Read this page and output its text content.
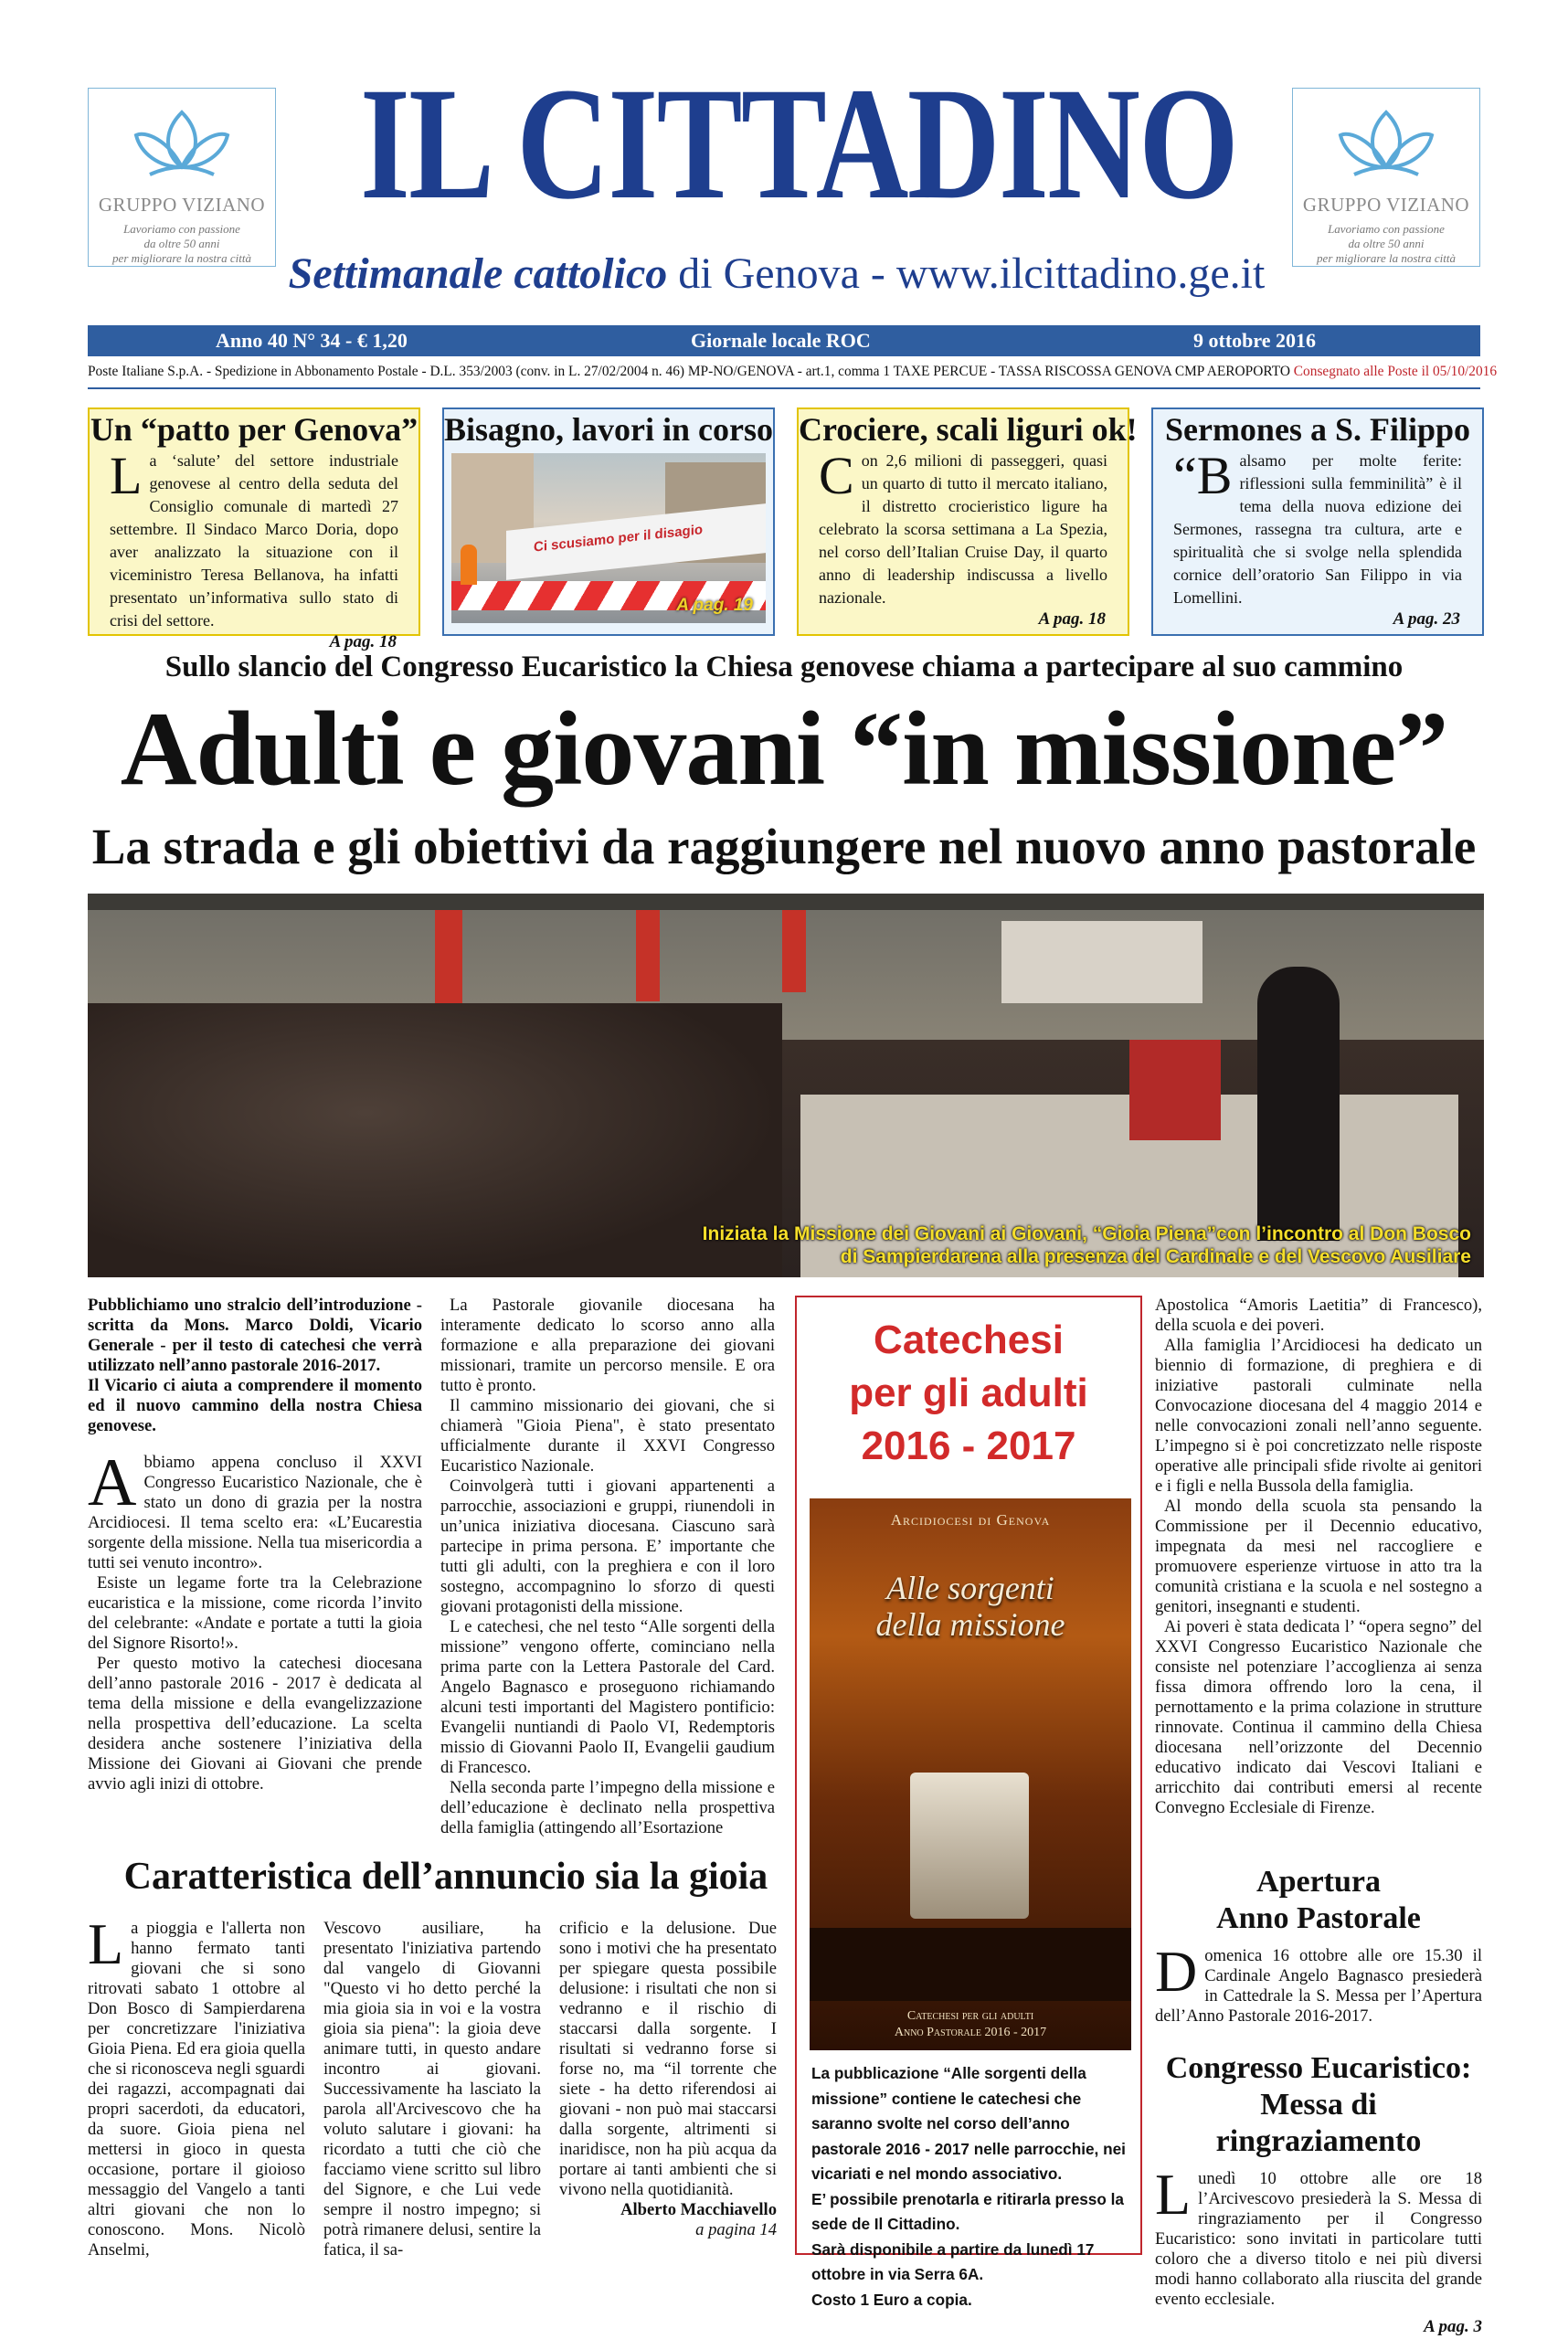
GRUPPO VIZIANO
Lavoriamo con passione
da oltre 50 anni
per migliorare la nostra città
IL CITTADINO
Settimanale cattolico di Genova - www.ilcittadino.ge.it
GRUPPO VIZIANO
Lavoriamo con passione
da oltre 50 anni
per migliorare la nostra città
Anno 40 N° 34 - € 1,20	Giornale locale ROC	9 ottobre 2016
Poste Italiane S.p.A. - Spedizione in Abbonamento Postale - D.L. 353/2003 (conv. in L. 27/02/2004 n. 46) MP-NO/GENOVA - art.1, comma 1 TAXE PERCUE - TASSA RISCOSSA GENOVA CMP AEROPORTO Consegnato alle Poste il 05/10/2016
Un “patto per Genova”
La ‘salute’ del settore industriale genovese al centro della seduta del Consiglio comunale di martedì 27 settembre. Il Sindaco Marco Doria, dopo aver analizzato la situazione con il viceministro Teresa Bellanova, ha infatti presentato un’informativa sullo stato di crisi del settore.
A pag. 18
Bisagno, lavori in corso
Ci scusiamo per il disagio
A pag. 19
Crociere, scali liguri ok!
Con 2,6 milioni di passeggeri, quasi un quarto di tutto il mercato italiano, il distretto crocieristico ligure ha celebrato la scorsa settimana a La Spezia, nel corso dell’Italian Cruise Day, il quarto anno di leadership indiscussa a livello nazionale.
A pag. 18
Sermones a S. Filippo
“Balsamo per molte ferite: riflessioni sulla femminilità” è il tema della nuova edizione dei Sermones, rassegna tra cultura, arte e spiritualità che si svolge nella splendida cornice dell’oratorio San Filippo in via Lomellini.
A pag. 23
Sullo slancio del Congresso Eucaristico la Chiesa genovese chiama a partecipare al suo cammino
Adulti e giovani “in missione”
La strada e gli obiettivi da raggiungere nel nuovo anno pastorale
Iniziata la Missione dei Giovani ai Giovani, “Gioia Piena”con l’incontro al Don Bosco
di Sampierdarena alla presenza del Cardinale e del Vescovo Ausiliare

Pubblichiamo uno stralcio dell’introduzione - scritta da Mons. Marco Doldi, Vicario Generale - per il testo di catechesi che verrà utilizzato nell’anno pastorale 2016-2017.

Il Vicario ci aiuta a comprendere il momento ed il nuovo cammino della nostra Chiesa genovese.

Abbiamo appena concluso il XXVI Congresso Eucaristico Nazionale, che è stato un dono di grazia per la nostra Arcidiocesi. Il tema scelto era: «L’Eucarestia sorgente della missione. Nella tua misericordia a tutti sei venuto incontro».

Esiste un legame forte tra la Celebrazione eucaristica e la missione, come ricorda l’invito del celebrante: «Andate e portate a tutti la gioia del Signore Risorto!».

Per questo motivo la catechesi diocesana dell’anno pastorale 2016 - 2017 è dedicata al tema della missione e della evangelizzazione nella prospettiva dell’educazione. La scelta desidera anche sostenere l’iniziativa della Missione dei Giovani ai Giovani che prende avvio agli inizi di ottobre.

La Pastorale giovanile diocesana ha interamente dedicato lo scorso anno alla formazione e alla preparazione dei giovani missionari, tramite un percorso mensile. E ora tutto è pronto.

Il cammino missionario dei giovani, che si chiamerà "Gioia Piena", è stato presentato ufficialmente durante il XXVI Congresso Eucaristico Nazionale.

Coinvolgerà tutti i giovani appartenenti a parrocchie, associazioni e gruppi, riunendoli in un’unica iniziativa diocesana. Ciascuno sarà partecipe in prima persona. E’ importante che tutti gli adulti, con la preghiera e con il loro sostegno, accompagnino lo sforzo di questi giovani protagonisti della missione.

L e catechesi, che nel testo “Alle sorgenti della missione” vengono offerte, cominciano nella prima parte con la Lettera Pastorale del Card. Angelo Bagnasco e proseguono richiamando alcuni testi importanti del Magistero pontificio: Evangelii nuntiandi di Paolo VI, Redemptoris missio di Giovanni Paolo II, Evangelii gaudium di Francesco.

Nella seconda parte l’impegno della missione e dell’educazione è declinato nella prospettiva della famiglia (attingendo all’Esortazione

Catechesi
per gli adulti
2016 - 2017
Arcidiocesi di Genova
Alle sorgenti
della missione
Catechesi per gli adulti
Anno Pastorale 2016 - 2017
La pubblicazione “Alle sorgenti della missione” contiene le catechesi che saranno svolte nel corso dell’anno pastorale 2016 - 2017 nelle parrocchie, nei vicariati e nel mondo associativo.
E’ possibile prenotarla e ritirarla presso la sede de Il Cittadino.
Sarà disponibile a partire da lunedì 17 ottobre in via Serra 6A.
Costo 1 Euro a copia.

Apostolica “Amoris Laetitia” di Francesco), della scuola e dei poveri.

Alla famiglia l’Arcidiocesi ha dedicato un biennio di formazione, di preghiera e di iniziative pastorali culminate nella Convocazione diocesana del 4 maggio 2014 e nelle convocazioni zonali nell’anno seguente. L’impegno si è poi concretizzato nelle risposte operative alle principali sfide rivolte ai genitori e i figli e nella Bussola della famiglia.

Al mondo della scuola sta pensando la Commissione per il Decennio educativo, impegnata da mesi nel raccogliere e promuovere esperienze virtuose in atto tra la comunità cristiana e la scuola e nel sostegno a genitori, insegnanti e studenti.

Ai poveri è stata dedicata l’ “opera segno” del XXVI Congresso Eucaristico Nazionale che consiste nel potenziare l’accoglienza ai senza fissa dimora offrendo loro la cena, il pernottamento e la prima colazione in strutture rinnovate. Continua il cammino della Chiesa diocesana nell’orizzonte del Decennio educativo indicato dai Vescovi Italiani e arricchito dai contributi emersi al recente Convegno Ecclesiale di Firenze.

Caratteristica dell’annuncio sia la gioia

La pioggia e l'allerta non hanno fermato tanti giovani che si sono ritrovati sabato 1 ottobre al Don Bosco di Sampierdarena per concretizzare l'iniziativa Gioia Piena. Ed era gioia quella che si riconosceva negli sguardi dei ragazzi, accompagnati dai propri sacerdoti, da educatori, da suore. Gioia piena nel mettersi in gioco in questa occasione, portare il gioioso messaggio del Vangelo a tanti altri giovani che non lo conoscono. Mons. Nicolò Anselmi,

Vescovo ausiliare, ha presentato l'iniziativa partendo dal vangelo di Giovanni "Questo vi ho detto perché la mia gioia sia in voi e la vostra gioia sia piena": la gioia deve animare tutti, in questo andare incontro ai giovani. Successivamente ha lasciato la parola all'Arcivescovo che ha voluto salutare i giovani: ha ricordato a tutti che ciò che facciamo viene scritto sul libro del Signore, e che Lui vede sempre il nostro impegno; si potrà rimanere delusi, sentire la fatica, il sa-

crificio e la delusione. Due sono i motivi che ha presentato per spiegare questa possibile delusione: i risultati che non si vedranno e il rischio di staccarsi dalla sorgente. I risultati si vedranno forse si forse no, ma “il torrente che siete - ha detto riferendosi ai giovani - non può mai staccarsi dalla sorgente, altrimenti si inaridisce, non ha più acqua da portare ai tanti ambienti che si vivono nella quotidianità.

Alberto Macchiavello
a pagina 14
Apertura
Anno Pastorale

Domenica 16 ottobre alle ore 15.30 il Cardinale Angelo Bagnasco presiederà in Cattedrale la S. Messa per l’Apertura dell’Anno Pastorale 2016-2017.

Congresso Eucaristico:
Messa di ringraziamento

Lunedì 10 ottobre alle ore 18 l’Arcivescovo presiederà la S. Messa di ringraziamento per il Congresso Eucaristico: sono invitati in particolare tutti coloro che a diverso titolo e nei più diversi modi hanno collaborato alla riuscita del grande evento ecclesiale.

A pag. 3
